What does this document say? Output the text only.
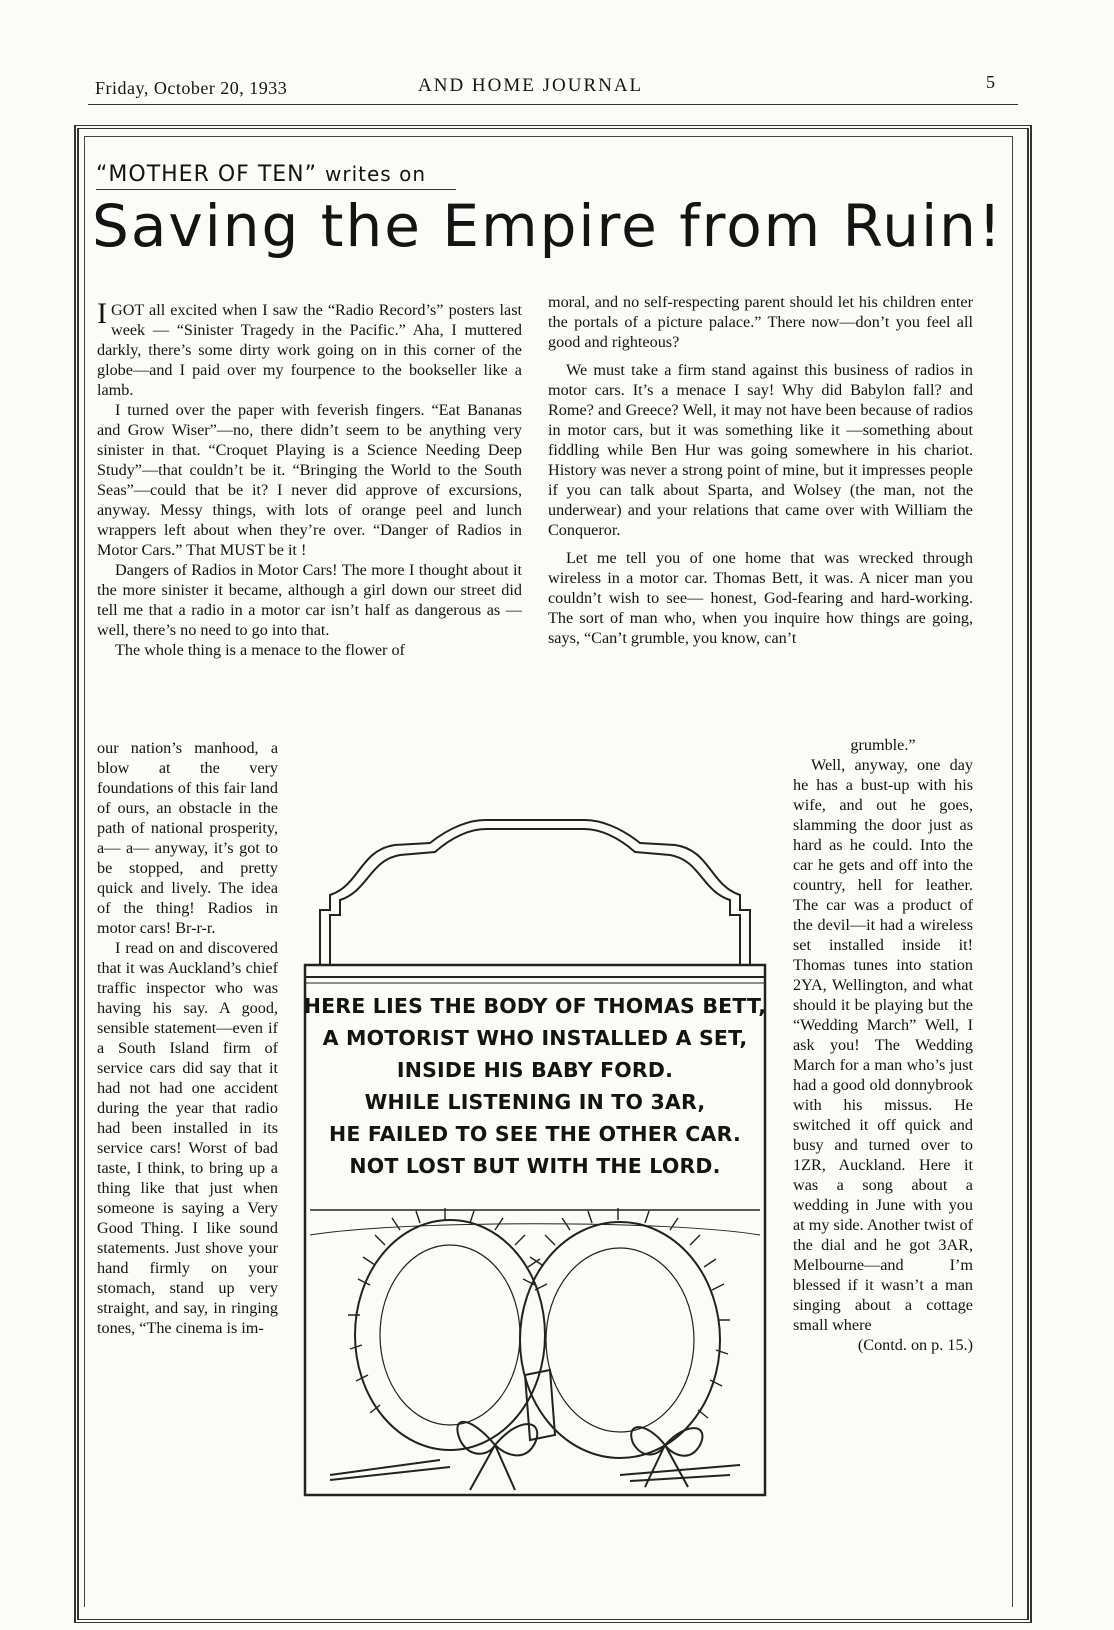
Friday, October 20, 1933	AND HOME JOURNAL	5
“MOTHER OF TEN” writes on
Saving the Empire from Ruin!

IGOT all excited when I saw the “Radio Record’s” posters last week — “Sinister Tragedy in the Pacific.” Aha, I muttered darkly, there’s some dirty work going on in this corner of the globe—and I paid over my fourpence to the bookseller like a lamb.

I turned over the paper with feverish fingers. “Eat Bananas and Grow Wiser”—no, there didn’t seem to be anything very sinister in that. “Croquet Playing is a Science Needing Deep Study”—that couldn’t be it. “Bringing the World to the South Seas”—could that be it? I never did approve of excursions, anyway. Messy things, with lots of orange peel and lunch wrappers left about when they’re over. “Danger of Radios in Motor Cars.” That MUST be it !

Dangers of Radios in Motor Cars! The more I thought about it the more sinister it became, although a girl down our street did tell me that a radio in a motor car isn’t half as dangerous as —well, there’s no need to go into that.

The whole thing is a menace to the flower of

our nation’s manhood, a blow at the very foundations of this fair land of ours, an obstacle in the path of national prosperity, a— a— anyway, it’s got to be stopped, and pretty quick and lively. The idea of the thing! Radios in motor cars! Br-r-r.

I read on and discovered that it was Auckland’s chief traffic inspector who was having his say. A good, sensible statement—even if a South Island firm of service cars did say that it had not had one accident during the year that radio had been installed in its service cars! Worst of bad taste, I think, to bring up a thing like that just when someone is saying a Very Good Thing. I like sound statements. Just shove your hand firmly on your stomach, stand up very straight, and say, in ringing tones, “The cinema is im-

moral, and no self-respecting parent should let his children enter the portals of a picture palace.” There now—don’t you feel all good and righteous?

We must take a firm stand against this business of radios in motor cars. It’s a menace I say! Why did Babylon fall? and Rome? and Greece? Well, it may not have been because of radios in motor cars, but it was something like it —something about fiddling while Ben Hur was going somewhere in his chariot. History was never a strong point of mine, but it impresses people if you can talk about Sparta, and Wolsey (the man, not the underwear) and your relations that came over with William the Conqueror.

Let me tell you of one home that was wrecked through wireless in a motor car. Thomas Bett, it was. A nicer man you couldn’t wish to see— honest, God-fearing and hard-working. The sort of man who, when you inquire how things are going, says, “Can’t grumble, you know, can’t

grumble.”

Well, anyway, one day he has a bust-up with his wife, and out he goes, slamming the door just as hard as he could. Into the car he gets and off into the country, hell for leather. The car was a product of the devil—it had a wireless set installed inside it! Thomas tunes into station 2YA, Wellington, and what should it be playing but the “Wedding March” Well, I ask you! The Wedding March for a man who’s just had a good old donnybrook with his missus. He switched it off quick and busy and turned over to 1ZR, Auckland. Here it was a song about a wedding in June with you at my side. Another twist of the dial and he got 3AR, Melbourne—and I’m blessed if it wasn’t a man singing about a cottage small where

(Contd. on p. 15.)

HERE LIES THE BODY OF THOMAS BETT,
A MOTORIST WHO INSTALLED A SET,
INSIDE HIS BABY FORD.
WHILE LISTENING IN TO 3AR,
HE FAILED TO SEE THE OTHER CAR.
NOT LOST BUT WITH THE LORD.
